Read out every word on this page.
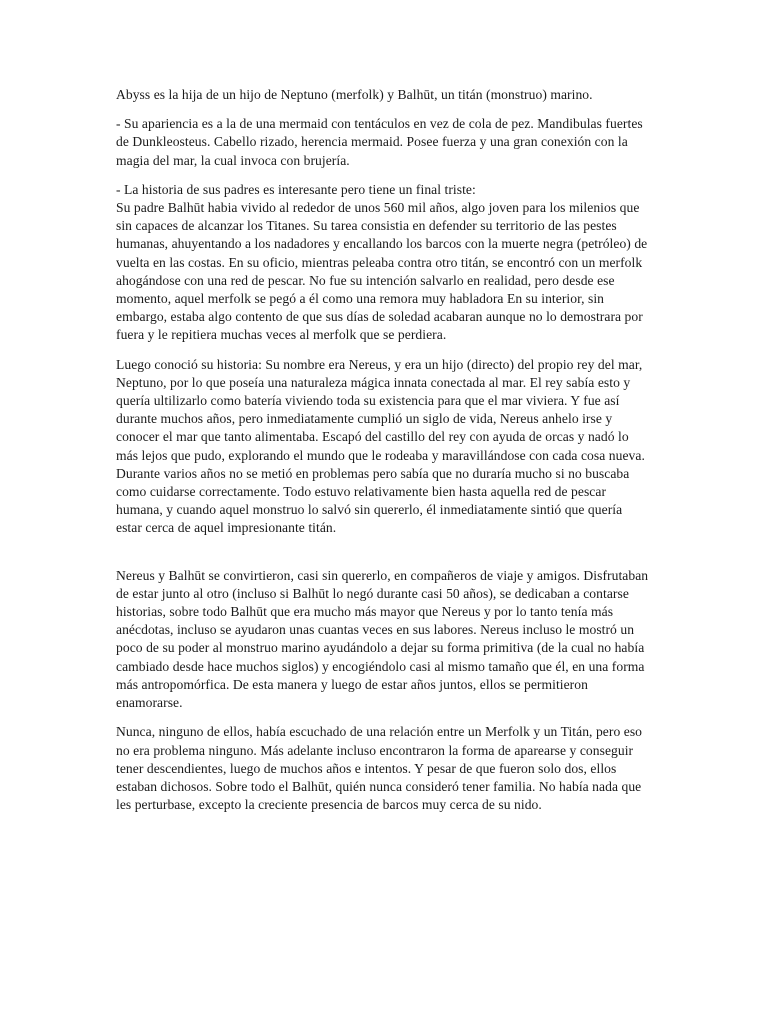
Abyss es la hija de un hijo de Neptuno (merfolk) y Balhūt, un titán (monstruo) marino.

- Su apariencia es a la de una mermaid con tentáculos en vez de cola de pez. Mandibulas fuertes de Dunkleosteus. Cabello rizado, herencia mermaid. Posee fuerza y una gran conexión con la magia del mar, la cual invoca con brujería.

- La historia de sus padres es interesante pero tiene un final triste:
Su padre Balhūt habia vivido al rededor de unos 560 mil años, algo joven para los milenios que sin capaces de alcanzar los Titanes. Su tarea consistia en defender su territorio de las pestes humanas, ahuyentando a los nadadores y encallando los barcos con la muerte negra (petróleo) de vuelta en las costas. En su oficio, mientras peleaba contra otro titán, se encontró con un merfolk ahogándose con una red de pescar. No fue su intención salvarlo en realidad, pero desde ese momento, aquel merfolk se pegó a él como una remora muy habladora En su interior, sin embargo, estaba algo contento de que sus días de soledad acabaran aunque no lo demostrara por fuera y le repitiera muchas veces al merfolk que se perdiera.

Luego conoció su historia: Su nombre era Nereus, y era un hijo (directo) del propio rey del mar, Neptuno, por lo que poseía una naturaleza mágica innata conectada al mar. El rey sabía esto y quería ultilizarlo como batería viviendo toda su existencia para que el mar viviera. Y fue así durante muchos años, pero inmediatamente cumplió un siglo de vida, Nereus anhelo irse y conocer el mar que tanto alimentaba. Escapó del castillo del rey con ayuda de orcas y nadó lo más lejos que pudo, explorando el mundo que le rodeaba y maravillándose con cada cosa nueva. Durante varios años no se metió en problemas pero sabía que no duraría mucho si no buscaba como cuidarse correctamente. Todo estuvo relativamente bien hasta aquella red de pescar humana, y cuando aquel monstruo lo salvó sin quererlo, él inmediatamente sintió que quería estar cerca de aquel impresionante titán.

Nereus y Balhūt se convirtieron, casi sin quererlo, en compañeros de viaje y amigos. Disfrutaban de estar junto al otro (incluso si Balhūt lo negó durante casi 50 años), se dedicaban a contarse historias, sobre todo Balhūt que era mucho más mayor que Nereus y por lo tanto tenía más anécdotas, incluso se ayudaron unas cuantas veces en sus labores. Nereus incluso le mostró un poco de su poder al monstruo marino ayudándolo a dejar su forma primitiva (de la cual no había cambiado desde hace muchos siglos) y encogiéndolo casi al mismo tamaño que él, en una forma más antropomórfica. De esta manera y luego de estar años juntos, ellos se permitieron enamorarse.

Nunca, ninguno de ellos, había escuchado de una relación entre un Merfolk y un Titán, pero eso no era problema ninguno. Más adelante incluso encontraron la forma de aparearse y conseguir tener descendientes, luego de muchos años e intentos. Y pesar de que fueron solo dos, ellos estaban dichosos. Sobre todo el Balhūt, quién nunca consideró tener familia. No había nada que les perturbase, excepto la creciente presencia de barcos muy cerca de su nido.
